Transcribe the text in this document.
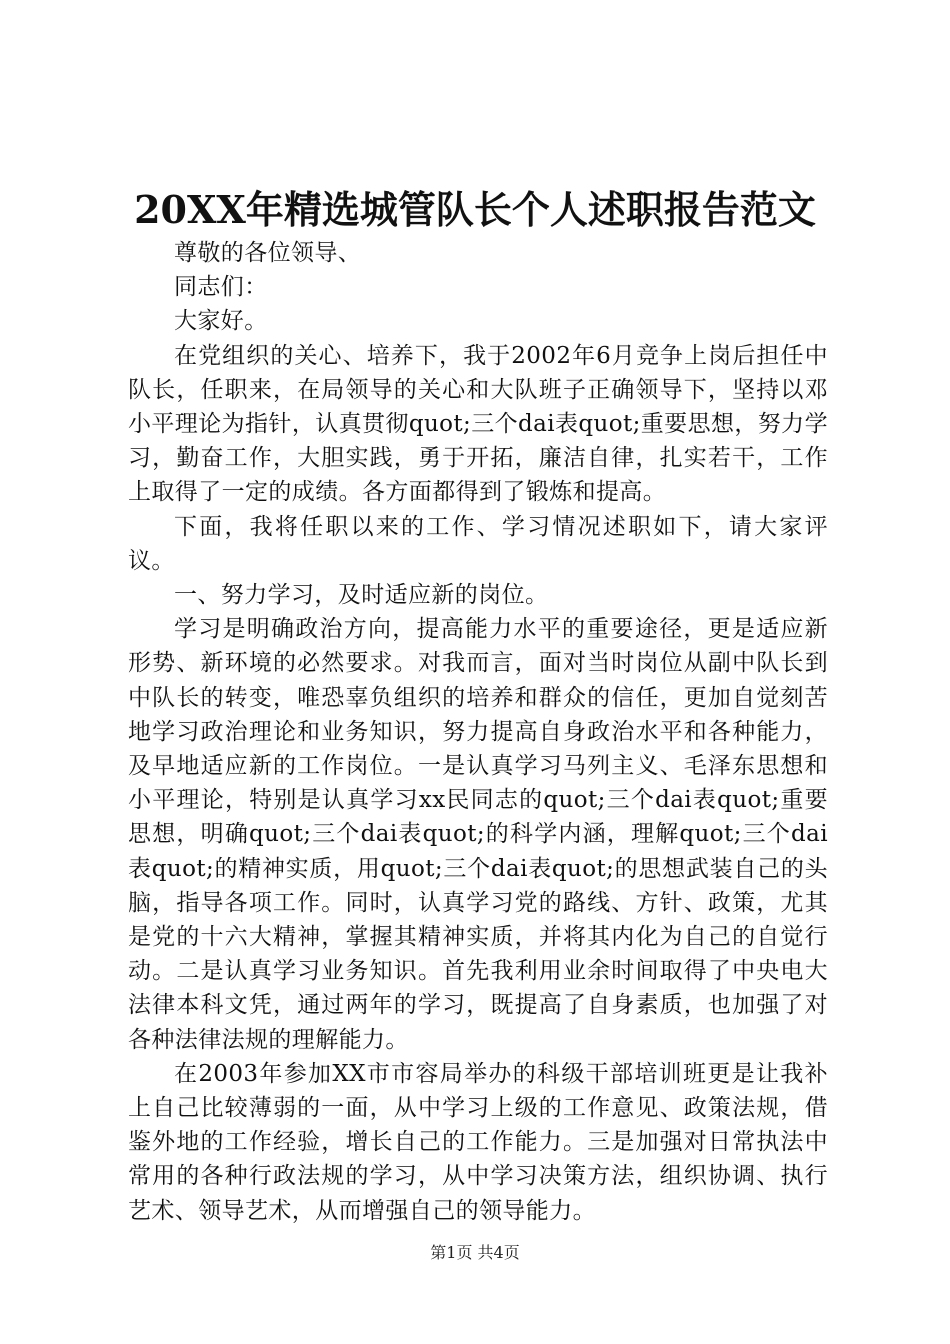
20XX年精选城管队长个人述职报告范文

尊敬的各位领导、

同志们：

大家好。

在党组织的关心、培养下，我于2002年6月竞争上岗后担任中队长，任职来，在局领导的关心和大队班子正确领导下，坚持以邓小平理论为指针，认真贯彻quot;三个dai表quot;重要思想，努力学习，勤奋工作，大胆实践，勇于开拓，廉洁自律，扎实若干，工作上取得了一定的成绩。各方面都得到了锻炼和提高。

下面，我将任职以来的工作、学习情况述职如下，请大家评议。

一、努力学习，及时适应新的岗位。

学习是明确政治方向，提高能力水平的重要途径，更是适应新形势、新环境的必然要求。对我而言，面对当时岗位从副中队长到中队长的转变，唯恐辜负组织的培养和群众的信任，更加自觉刻苦地学习政治理论和业务知识，努力提高自身政治水平和各种能力，及早地适应新的工作岗位。一是认真学习马列主义、毛泽东思想和小平理论，特别是认真学习xx民同志的quot;三个dai表quot;重要思想，明确quot;三个dai表quot;的科学内涵，理解quot;三个dai表quot;的精神实质，用quot;三个dai表quot;的思想武装自己的头脑，指导各项工作。同时，认真学习党的路线、方针、政策，尤其是党的十六大精神，掌握其精神实质，并将其内化为自己的自觉行动。二是认真学习业务知识。首先我利用业余时间取得了中央电大法律本科文凭，通过两年的学习，既提高了自身素质，也加强了对各种法律法规的理解能力。

在2003年参加XX市市容局举办的科级干部培训班更是让我补上自己比较薄弱的一面，从中学习上级的工作意见、政策法规，借鉴外地的工作经验，增长自己的工作能力。三是加强对日常执法中常用的各种行政法规的学习，从中学习决策方法，组织协调、执行艺术、领导艺术，从而增强自己的领导能力。

第1页 共4页
